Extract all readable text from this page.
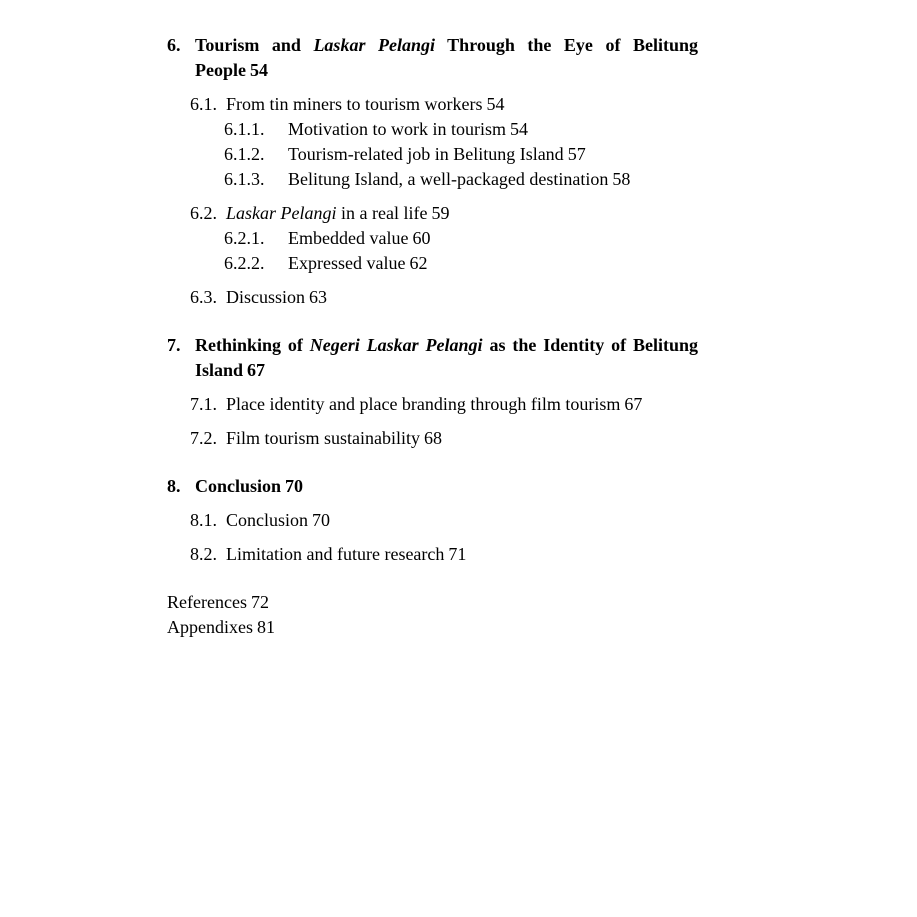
6. Tourism and Laskar Pelangi Through the Eye of Belitung
People 54
6.1. From tin miners to tourism workers 54
6.1.1.	Motivation to work in tourism 54
6.1.2.	Tourism-related job in Belitung Island 57
6.1.3.	Belitung Island, a well-packaged destination 58
6.2. Laskar Pelangi in a real life 59
6.2.1.	Embedded value 60
6.2.2.	Expressed value 62
6.3. Discussion 63
7. Rethinking of Negeri Laskar Pelangi as the Identity of Belitung
Island 67
7.1. Place identity and place branding through film tourism 67
7.2. Film tourism sustainability 68
8. Conclusion 70
8.1. Conclusion 70
8.2. Limitation and future research 71
References 72
Appendixes 81
